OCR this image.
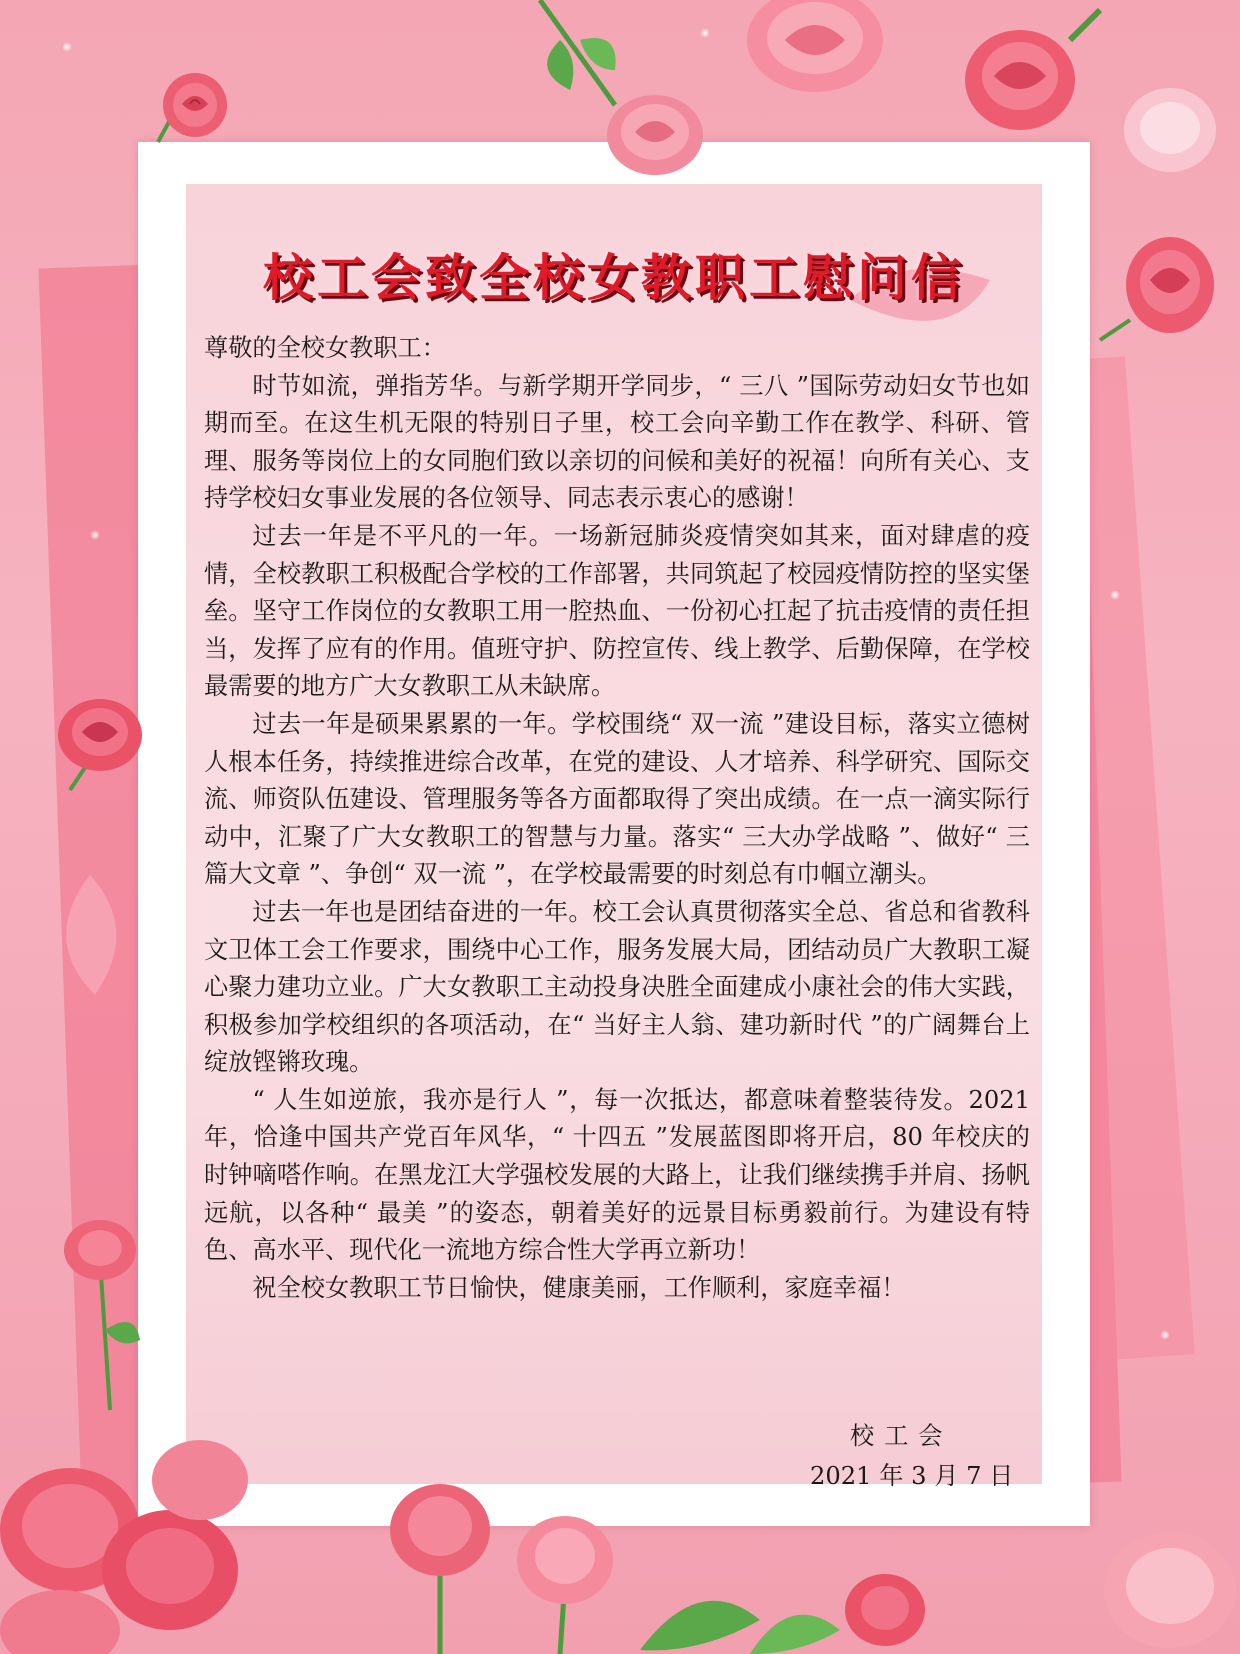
校工会致全校女教职工慰问信

尊敬的全校女教职工：

时节如流，弹指芳华。与新学期开学同步，“ 三八 ”国际劳动妇女节也如期而至。在这生机无限的特别日子里，校工会向辛勤工作在教学、科研、管理、服务等岗位上的女同胞们致以亲切的问候和美好的祝福！向所有关心、支持学校妇女事业发展的各位领导、同志表示衷心的感谢！

过去一年是不平凡的一年。一场新冠肺炎疫情突如其来，面对肆虐的疫情，全校教职工积极配合学校的工作部署，共同筑起了校园疫情防控的坚实堡垒。坚守工作岗位的女教职工用一腔热血、一份初心扛起了抗击疫情的责任担当，发挥了应有的作用。值班守护、防控宣传、线上教学、后勤保障，在学校最需要的地方广大女教职工从未缺席。

过去一年是硕果累累的一年。学校围绕“ 双一流 ”建设目标，落实立德树人根本任务，持续推进综合改革，在党的建设、人才培养、科学研究、国际交流、师资队伍建设、管理服务等各方面都取得了突出成绩。在一点一滴实际行动中，汇聚了广大女教职工的智慧与力量。落实“ 三大办学战略 ”、做好“ 三篇大文章 ”、争创“ 双一流 ”，在学校最需要的时刻总有巾帼立潮头。

过去一年也是团结奋进的一年。校工会认真贯彻落实全总、省总和省教科文卫体工会工作要求，围绕中心工作，服务发展大局，团结动员广大教职工凝心聚力建功立业。广大女教职工主动投身决胜全面建成小康社会的伟大实践，积极参加学校组织的各项活动，在“ 当好主人翁、建功新时代 ”的广阔舞台上绽放铿锵玫瑰。

“ 人生如逆旅，我亦是行人 ”，每一次抵达，都意味着整装待发。2021 年，恰逢中国共产党百年风华，“ 十四五 ”发展蓝图即将开启，80 年校庆的时钟嘀嗒作响。在黑龙江大学强校发展的大路上，让我们继续携手并肩、扬帆远航，以各种“ 最美 ”的姿态，朝着美好的远景目标勇毅前行。为建设有特色、高水平、现代化一流地方综合性大学再立新功！

祝全校女教职工节日愉快，健康美丽，工作顺利，家庭幸福！

校工会
2021 年 3 月 7 日
